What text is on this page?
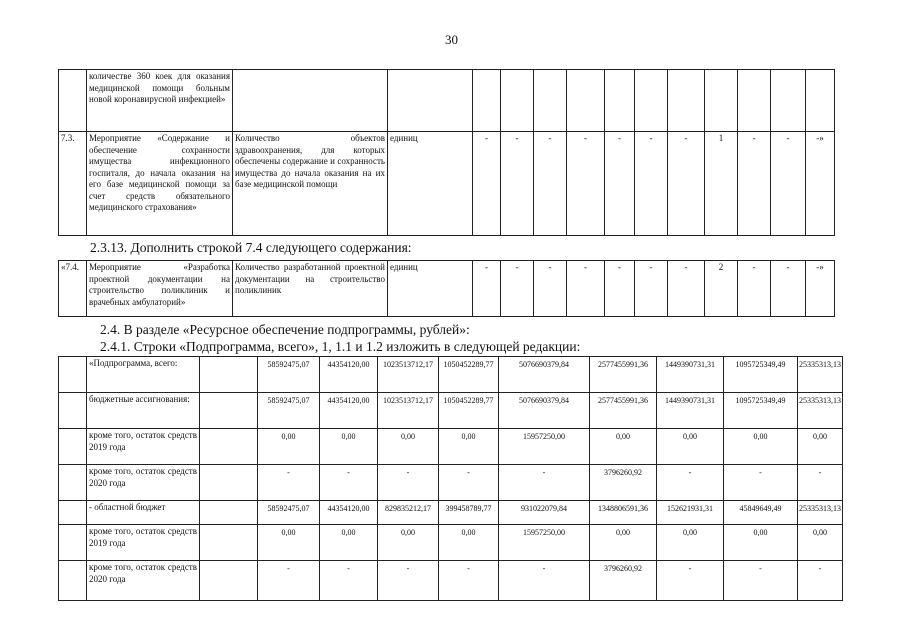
30
	количестве 360 коек для оказания медицинской помощи больным новой коронавирусной инфекцией»													
7.3.	Мероприятие «Содержание и обеспечение сохранности имущества инфекционного госпиталя, до начала оказания на его базе медицинской помощи за счет средств обязательного медицинского страхования»	Количество объектов здравоохранения, для которых обеспечены содержание и сохранность имущества до начала оказания на их базе медицинской помощи	единиц	-	-	-	-	-	-	-	1	-	-	-»
2.3.13. Дополнить строкой 7.4 следующего содержания:
«7.4.	Мероприятие «Разработка проектной документации на строительство поликлиник и врачебных амбулаторий»	Количество разработанной проектной документации на строительство поликлиник	единиц	-	-	-	-	-	-	-	2	-	-	-»
2.4. В разделе «Ресурсное обеспечение подпрограммы, рублей»:
2.4.1. Строки «Подпрограмма, всего», 1, 1.1 и 1.2 изложить в следующей редакции:
	«Подпрограмма, всего:		58592475,07	44354120,00	1023513712,17	1050452289,77	5076690379,84	2577455991,36	1449390731,31	1095725349,49	25335313,13
	бюджетные ассигнования:		58592475,07	44354120,00	1023513712,17	1050452289,77	5076690379,84	2577455991,36	1449390731,31	1095725349,49	25335313,13
	кроме того, остаток средств 2019 года		0,00	0,00	0,00	0,00	15957250,00	0,00	0,00	0,00	0,00
	кроме того, остаток средств 2020 года		-	-	-	-	-	3796260,92	-	-	-
	- областной бюджет		58592475,07	44354120,00	829835212,17	399458789,77	931022079,84	1348806591,36	152621931,31	45849649,49	25335313,13
	кроме того, остаток средств 2019 года		0,00	0,00	0,00	0,00	15957250,00	0,00	0,00	0,00	0,00
	кроме того, остаток средств 2020 года		-	-	-	-	-	3796260,92	-	-	-
